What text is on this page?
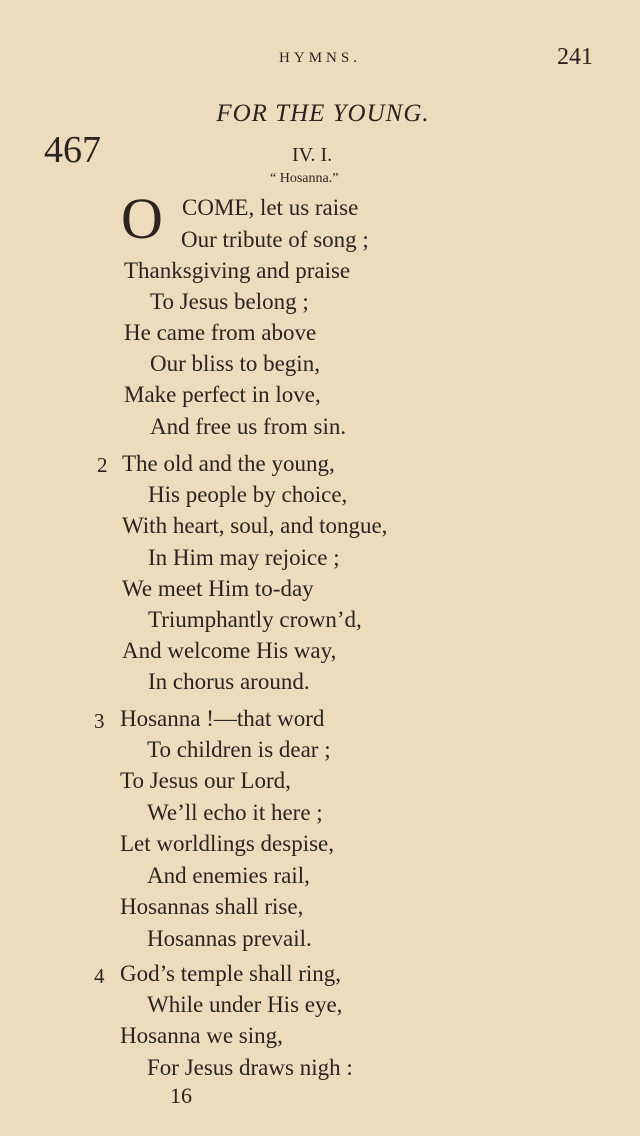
HYMNS.	241
FOR THE YOUNG.
467	IV. I.
“ Hosanna.”
O COME, let us raise
Our tribute of song ;
Thanksgiving and praise
To Jesus belong ;
He came from above
Our bliss to begin,
Make perfect in love,
And free us from sin.
2 The old and the young,
His people by choice,
With heart, soul, and tongue,
In Him may rejoice ;
We meet Him to-day
Triumphantly crown’d,
And welcome His way,
In chorus around.
3 Hosanna !—that word
To children is dear ;
To Jesus our Lord,
We’ll echo it here ;
Let worldlings despise,
And enemies rail,
Hosannas shall rise,
Hosannas prevail.
4 God’s temple shall ring,
While under His eye,
Hosanna we sing,
For Jesus draws nigh :
16
